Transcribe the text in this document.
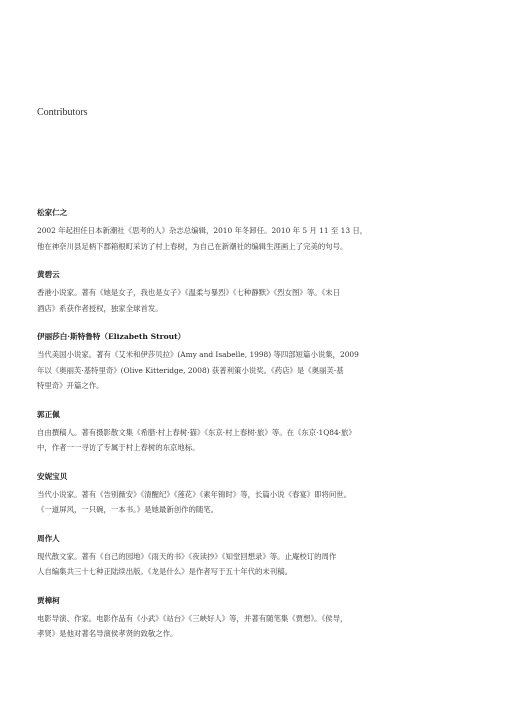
Contributors
松家仁之
2002 年起担任日本新潮社《思考的人》杂志总编辑，2010 年冬卸任。2010 年 5 月 11 至 13 日，
他在神奈川县足柄下郡箱根町采访了村上春树，为自己在新潮社的编辑生涯画上了完美的句号。
黄碧云
香港小说家。著有《她是女子，我也是女子》《温柔与暴烈》《七种静默》《烈女图》等。《末日
酒店》系获作者授权，独家全球首发。
伊丽莎白·斯特鲁特（Elizabeth Strout）
当代美国小说家。著有《艾米和伊莎贝拉》(Amy and Isabelle, 1998) 等四部短篇小说集，2009
年以《奥丽芙·基特里奇》(Olive Kitteridge, 2008) 获普利策小说奖。《药店》是《奥丽芙·基
特里奇》开篇之作。
郭正佩
自由撰稿人。著有摄影散文集《希腊·村上春树·猫》《东京·村上春树·旅》等。在《东京·1Q84·旅》
中，作者一一寻访了专属于村上春树的东京地标。
安妮宝贝
当代小说家。著有《告别薇安》《清醒纪》《莲花》《素年锦时》等，长篇小说《春宴》即将问世。
《一道屏风，一只碗，一本书。》是她最新创作的随笔。
周作人
现代散文家。著有《自己的园地》《雨天的书》《夜读抄》《知堂回想录》等。止庵校订的周作
人自编集共三十七种正陆续出版。《龙是什么》是作者写于五十年代的未刊稿。
贾樟柯
电影导演、作家。电影作品有《小武》《站台》《三峡好人》等，并著有随笔集《贾想》。《侯导，
孝贤》是他对著名导演侯孝贤的致敬之作。
